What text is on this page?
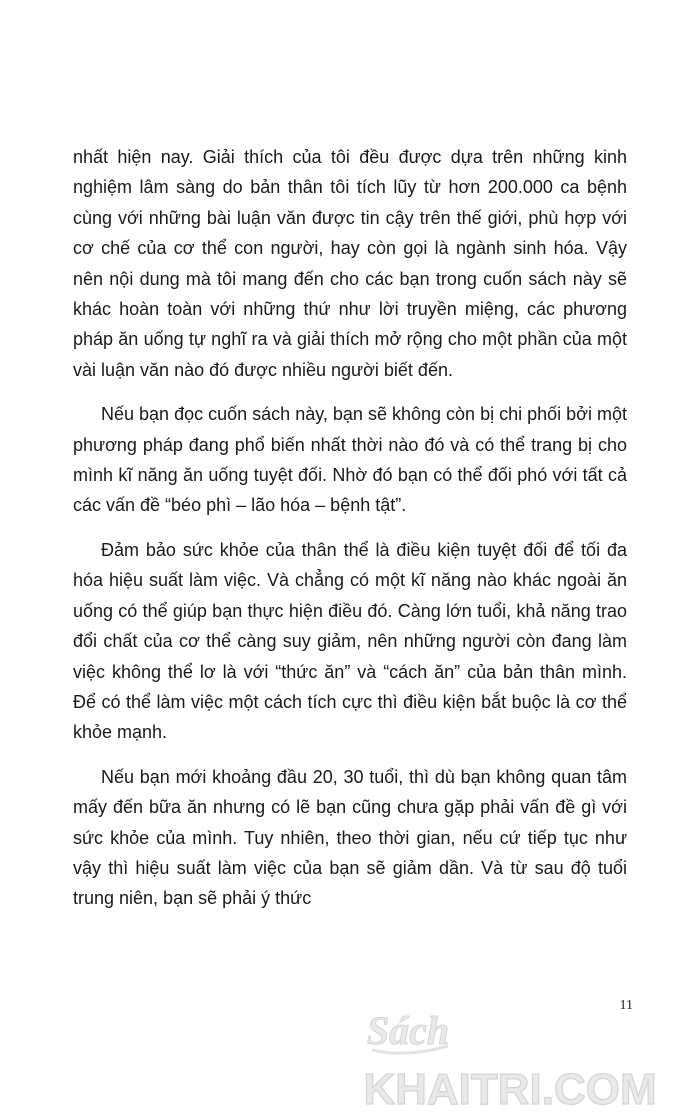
nhất hiện nay. Giải thích của tôi đều được dựa trên những kinh nghiệm lâm sàng do bản thân tôi tích lũy từ hơn 200.000 ca bệnh cùng với những bài luận văn được tin cậy trên thế giới, phù hợp với cơ chế của cơ thể con người, hay còn gọi là ngành sinh hóa. Vậy nên nội dung mà tôi mang đến cho các bạn trong cuốn sách này sẽ khác hoàn toàn với những thứ như lời truyền miệng, các phương pháp ăn uống tự nghĩ ra và giải thích mở rộng cho một phần của một vài luận văn nào đó được nhiều người biết đến.

Nếu bạn đọc cuốn sách này, bạn sẽ không còn bị chi phối bởi một phương pháp đang phổ biến nhất thời nào đó và có thể trang bị cho mình kĩ năng ăn uống tuyệt đối. Nhờ đó bạn có thể đối phó với tất cả các vấn đề “béo phì – lão hóa – bệnh tật”.

Đảm bảo sức khỏe của thân thể là điều kiện tuyệt đối để tối đa hóa hiệu suất làm việc. Và chẳng có một kĩ năng nào khác ngoài ăn uống có thể giúp bạn thực hiện điều đó. Càng lớn tuổi, khả năng trao đổi chất của cơ thể càng suy giảm, nên những người còn đang làm việc không thể lơ là với “thức ăn” và “cách ăn” của bản thân mình. Để có thể làm việc một cách tích cực thì điều kiện bắt buộc là cơ thể khỏe mạnh.

Nếu bạn mới khoảng đầu 20, 30 tuổi, thì dù bạn không quan tâm mấy đến bữa ăn nhưng có lẽ bạn cũng chưa gặp phải vấn đề gì với sức khỏe của mình. Tuy nhiên, theo thời gian, nếu cứ tiếp tục như vậy thì hiệu suất làm việc của bạn sẽ giảm dần. Và từ sau độ tuổi trung niên, bạn sẽ phải ý thức

11
Sách
KHAITRI.COM
